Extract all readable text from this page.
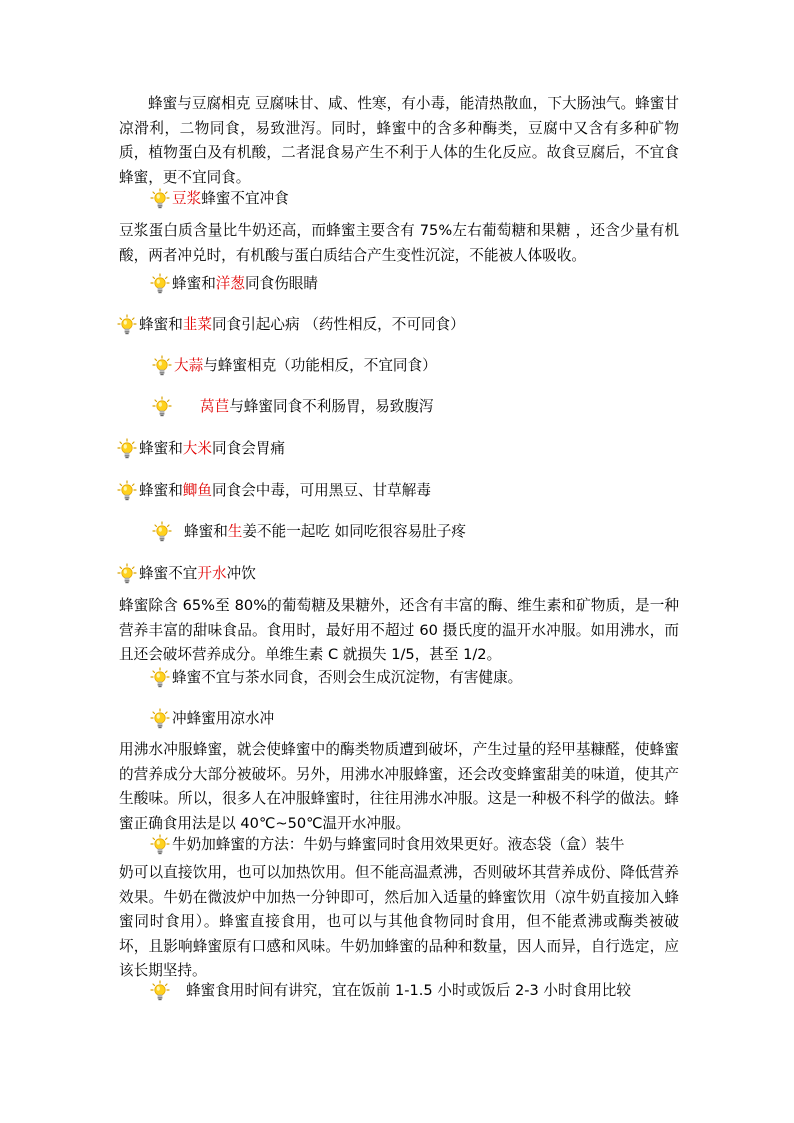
蜂蜜与豆腐相克 豆腐味甘、咸、性寒，有小毒，能清热散血，下大肠浊气。蜂蜜甘凉滑利，二物同食，易致泄泻。同时，蜂蜜中的含多种酶类，豆腐中又含有多种矿物质，植物蛋白及有机酸，二者混食易产生不利于人体的生化反应。故食豆腐后，不宜食蜂蜜，更不宜同食。

豆浆蜂蜜不宜冲食

豆浆蛋白质含量比牛奶还高，而蜂蜜主要含有 75%左右葡萄糖和果糖 ，还含少量有机酸，两者冲兑时，有机酸与蛋白质结合产生变性沉淀，不能被人体吸收。

蜂蜜和洋葱同食伤眼睛
蜂蜜和韭菜同食引起心病 （药性相反，不可同食）
大蒜与蜂蜜相克（功能相反，不宜同食）
莴苣与蜂蜜同食不利肠胃，易致腹泻
蜂蜜和大米同食会胃痛
蜂蜜和鲫鱼同食会中毒，可用黑豆、甘草解毒
蜂蜜和生姜不能一起吃 如同吃很容易肚子疼
蜂蜜不宜开水冲饮

蜂蜜除含 65%至 80%的葡萄糖及果糖外，还含有丰富的酶、维生素和矿物质，是一种营养丰富的甜味食品。食用时，最好用不超过 60 摄氏度的温开水冲服。如用沸水，而且还会破坏营养成分。单维生素 C 就损失 1/5，甚至 1/2。

蜂蜜不宜与茶水同食，否则会生成沉淀物，有害健康。
冲蜂蜜用凉水冲

用沸水冲服蜂蜜，就会使蜂蜜中的酶类物质遭到破坏，产生过量的羟甲基糠醛，使蜂蜜的营养成分大部分被破坏。另外，用沸水冲服蜂蜜，还会改变蜂蜜甜美的味道，使其产生酸味。所以，很多人在冲服蜂蜜时，往往用沸水冲服。这是一种极不科学的做法。蜂蜜正确食用法是以 40℃~50℃温开水冲服。

牛奶加蜂蜜的方法：牛奶与蜂蜜同时食用效果更好。液态袋（盒）装牛

奶可以直接饮用，也可以加热饮用。但不能高温煮沸，否则破坏其营养成份、降低营养效果。牛奶在微波炉中加热一分钟即可，然后加入适量的蜂蜜饮用（凉牛奶直接加入蜂蜜同时食用）。蜂蜜直接食用，也可以与其他食物同时食用，但不能煮沸或酶类被破坏，且影响蜂蜜原有口感和风味。牛奶加蜂蜜的品种和数量，因人而异，自行选定，应该长期坚持。

蜂蜜食用时间有讲究，宜在饭前 1-1.5 小时或饭后 2-3 小时食用比较
